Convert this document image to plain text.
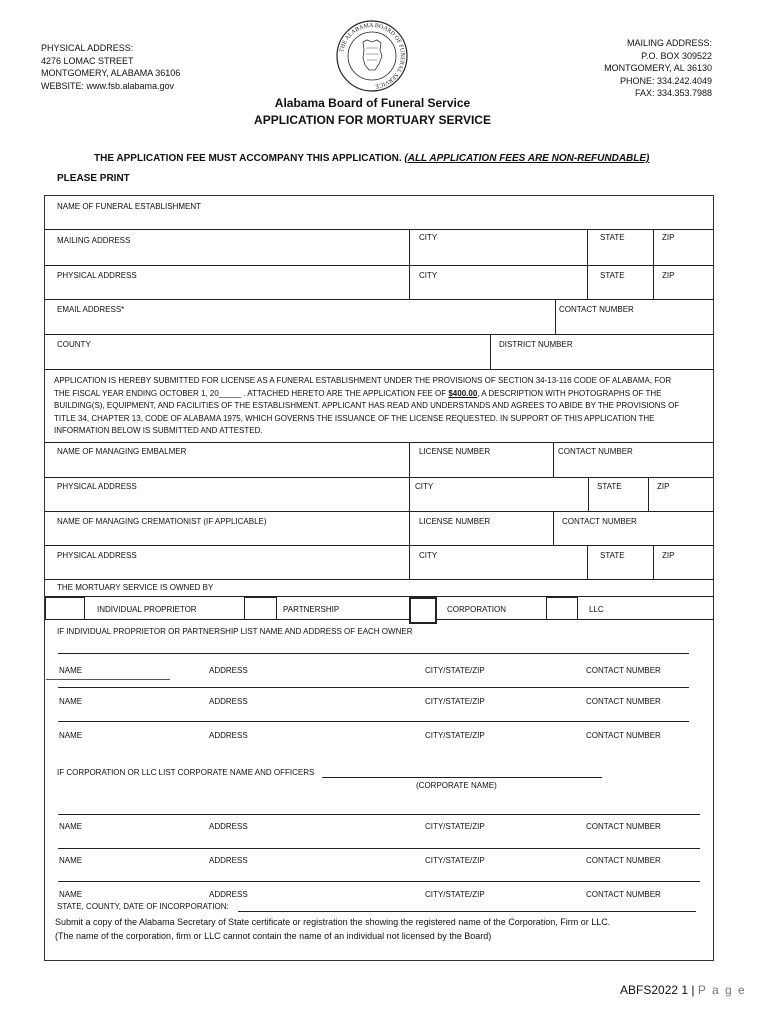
PHYSICAL ADDRESS:
4276 LOMAC STREET
MONTGOMERY, ALABAMA 36106
WEBSITE: www.fsb.alabama.gov
MAILING ADDRESS:
P.O. BOX 309522
MONTGOMERY, AL 36130
PHONE: 334.242.4049
FAX: 334.353.7988
THE ALABAMA BOARD OF FUNERAL SERVICE
Alabama Board of Funeral Service
APPLICATION FOR MORTUARY SERVICE
THE APPLICATION FEE MUST ACCOMPANY THIS APPLICATION. (ALL APPLICATION FEES ARE NON-REFUNDABLE)
PLEASE PRINT
NAME OF FUNERAL ESTABLISHMENT
MAILING ADDRESS	CITY	STATE	ZIP
PHYSICAL ADDRESS	CITY	STATE	ZIP
EMAIL ADDRESS*	CONTACT NUMBER
COUNTY	DISTRICT NUMBER
APPLICATION IS HEREBY SUBMITTED FOR LICENSE AS A FUNERAL ESTABLISHMENT UNDER THE PROVISIONS OF SECTION 34-13-116 CODE OF ALABAMA, FOR
THE FISCAL YEAR ENDING OCTOBER 1, 20_____ . ATTACHED HERETO ARE THE APPLICATION FEE OF $400.00, A DESCRIPTION WITH PHOTOGRAPHS OF THE
BUILDING(S), EQUIPMENT, AND FACILITIES OF THE ESTABLISHMENT. APPLICANT HAS READ AND UNDERSTANDS AND AGREES TO ABIDE BY THE PROVISIONS OF
TITLE 34, CHAPTER 13, CODE OF ALABAMA 1975, WHICH GOVERNS THE ISSUANCE OF THE LICENSE REQUESTED. IN SUPPORT OF THIS APPLICATION THE
INFORMATION BELOW IS SUBMITTED AND ATTESTED.
NAME OF MANAGING EMBALMER	LICENSE NUMBER	CONTACT NUMBER
PHYSICAL ADDRESS	CITY	STATE	ZIP
NAME OF MANAGING CREMATIONIST (IF APPLICABLE)	LICENSE NUMBER	CONTACT NUMBER
PHYSICAL ADDRESS	CITY	STATE	ZIP
THE MORTUARY SERVICE IS OWNED BY
INDIVIDUAL PROPRIETOR	PARTNERSHIP	CORPORATION	LLC
IF INDIVIDUAL PROPRIETOR OR PARTNERSHIP LIST NAME AND ADDRESS OF EACH OWNER
NAME	ADDRESS	CITY/STATE/ZIP	CONTACT NUMBER
NAME	ADDRESS	CITY/STATE/ZIP	CONTACT NUMBER
NAME	ADDRESS	CITY/STATE/ZIP	CONTACT NUMBER
IF CORPORATION OR LLC LIST CORPORATE NAME AND OFFICERS
(CORPORATE NAME)
NAME	ADDRESS	CITY/STATE/ZIP	CONTACT NUMBER
NAME	ADDRESS	CITY/STATE/ZIP	CONTACT NUMBER
NAME	ADDRESS	CITY/STATE/ZIP	CONTACT NUMBER
STATE, COUNTY, DATE OF INCORPORATION:
Submit a copy of the Alabama Secretary of State certificate or registration the showing the registered name of the Corporation, Firm or LLC.
(The name of the corporation, firm or LLC cannot contain the name of an individual not licensed by the Board)
ABFS2022 1 | P a g e
